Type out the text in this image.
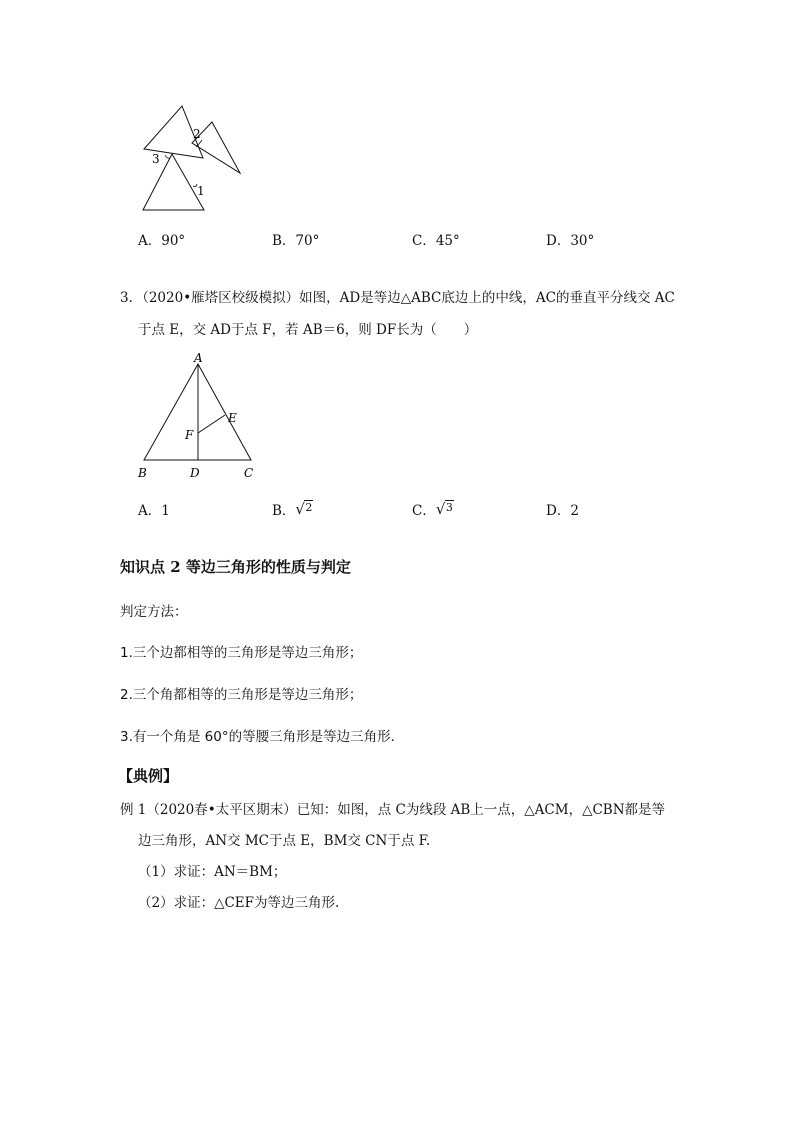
2
3
1
A．90°	B．70°	C．45°	D．30°
3．（2020•雁塔区校级模拟）如图，AD是等边△ABC底边上的中线，AC的垂直平分线交 AC
于点 E，交 AD于点 F，若 AB＝6，则 DF长为（　　）
A
B	D	C
E
F
A．1	B． √ $^2$	C． √ $^3$	D．2
知识点 2 等边三角形的性质与判定
判定方法：
1.三个边都相等的三角形是等边三角形；
2.三个角都相等的三角形是等边三角形；
3.有一个角是 60°的等腰三角形是等边三角形.
【典例】
例 1（2020春•太平区期末）已知：如图，点 C为线段 AB上一点，△ACM，△CBN都是等
边三角形，AN交 MC于点 E，BM交 CN于点 F.
（1）求证：AN＝BM；
（2）求证：△CEF为等边三角形.
